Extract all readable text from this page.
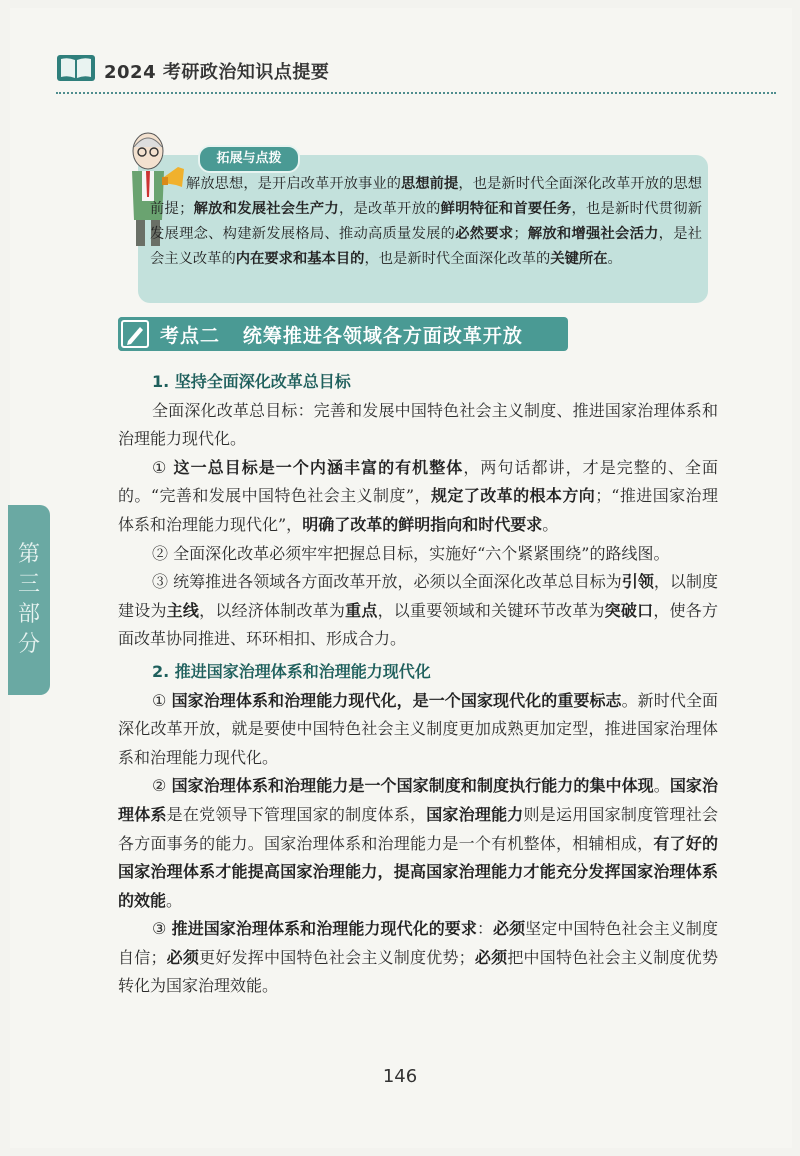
2024 考研政治知识点提要
拓展与点拨
解放思想，是开启改革开放事业的思想前提，也是新时代全面深化改革开放的思想前提；解放和发展社会生产力，是改革开放的鲜明特征和首要任务，也是新时代贯彻新发展理念、构建新发展格局、推动高质量发展的必然要求；解放和增强社会活力，是社会主义改革的内在要求和基本目的，也是新时代全面深化改革的关键所在。
考点二   统筹推进各领域各方面改革开放

1. 坚持全面深化改革总目标

全面深化改革总目标：完善和发展中国特色社会主义制度、推进国家治理体系和治理能力现代化。

① 这一总目标是一个内涵丰富的有机整体，两句话都讲，才是完整的、全面的。“完善和发展中国特色社会主义制度”，规定了改革的根本方向；“推进国家治理体系和治理能力现代化”，明确了改革的鲜明指向和时代要求。

② 全面深化改革必须牢牢把握总目标，实施好“六个紧紧围绕”的路线图。

③ 统筹推进各领域各方面改革开放，必须以全面深化改革总目标为引领，以制度建设为主线，以经济体制改革为重点，以重要领域和关键环节改革为突破口，使各方面改革协同推进、环环相扣、形成合力。

2. 推进国家治理体系和治理能力现代化

① 国家治理体系和治理能力现代化，是一个国家现代化的重要标志。新时代全面深化改革开放，就是要使中国特色社会主义制度更加成熟更加定型，推进国家治理体系和治理能力现代化。

② 国家治理体系和治理能力是一个国家制度和制度执行能力的集中体现。国家治理体系是在党领导下管理国家的制度体系，国家治理能力则是运用国家制度管理社会各方面事务的能力。国家治理体系和治理能力是一个有机整体，相辅相成，有了好的国家治理体系才能提高国家治理能力，提高国家治理能力才能充分发挥国家治理体系的效能。

③ 推进国家治理体系和治理能力现代化的要求：必须坚定中国特色社会主义制度自信；必须更好发挥中国特色社会主义制度优势；必须把中国特色社会主义制度优势转化为国家治理效能。

第
三
部
分
146
